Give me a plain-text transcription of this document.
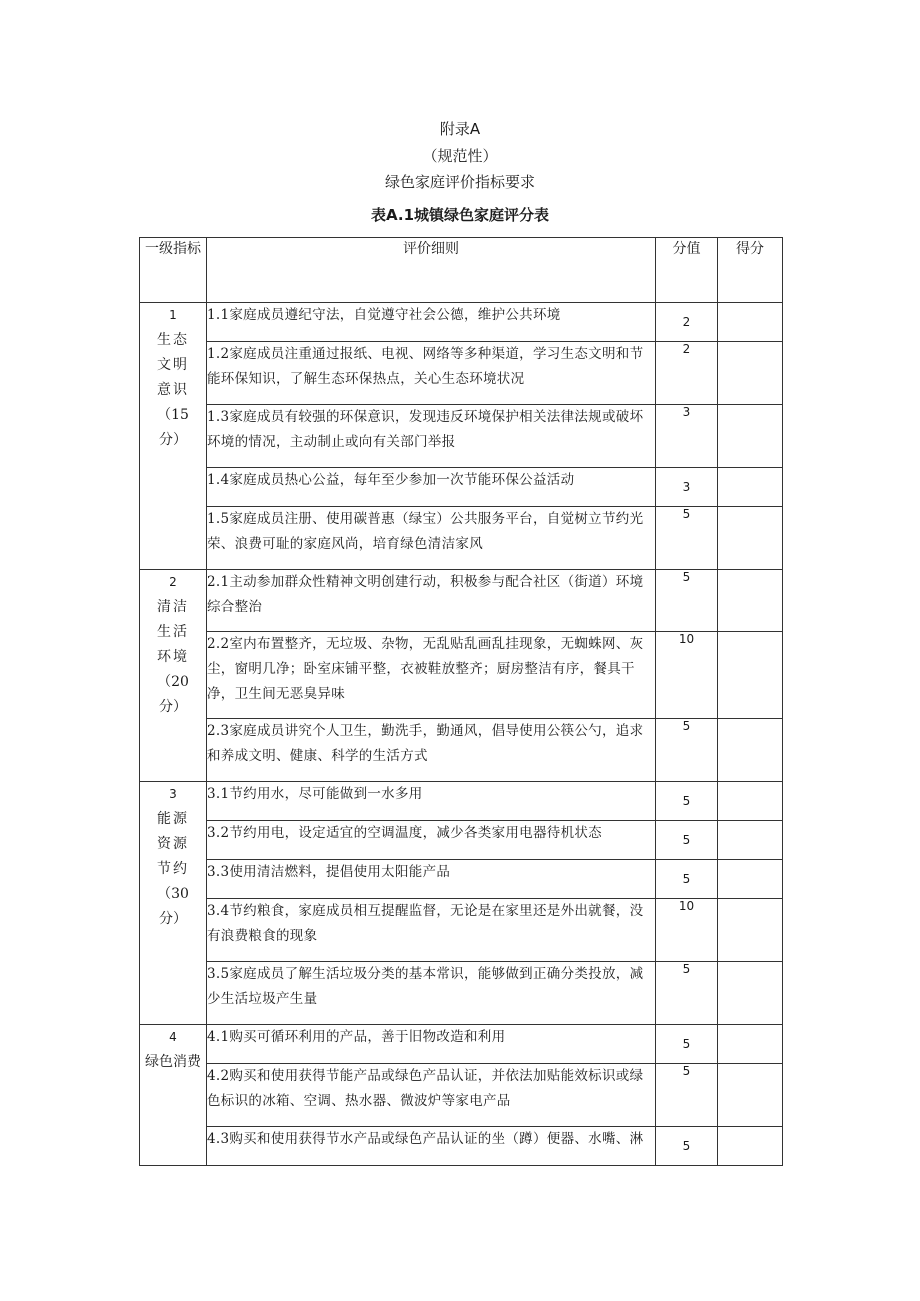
附录A
（规范性）
绿色家庭评价指标要求
表A.1城镇绿色家庭评分表
一级指标	评价细则	分值	得分

1
生态文明意识
（15分）	1.1家庭成员遵纪守法，自觉遵守社会公德，维护公共环境	2	
	1.2家庭成员注重通过报纸、电视、网络等多种渠道，学习生态文明和节能环保知识，了解生态环保热点，关心生态环境状况	2	
	1.3家庭成员有较强的环保意识，发现违反环境保护相关法律法规或破坏环境的情况，主动制止或向有关部门举报	3	
	1.4家庭成员热心公益，每年至少参加一次节能环保公益活动	3	
	1.5家庭成员注册、使用碳普惠（绿宝）公共服务平台，自觉树立节约光荣、浪费可耻的家庭风尚，培育绿色清洁家风	5	

2
清洁生活环境
（20分）	2.1主动参加群众性精神文明创建行动，积极参与配合社区（街道）环境综合整治	5	
	2.2室内布置整齐，无垃圾、杂物，无乱贴乱画乱挂现象，无蜘蛛网、灰尘，窗明几净；卧室床铺平整，衣被鞋放整齐；厨房整洁有序，餐具干净，卫生间无恶臭异味	10	
	2.3家庭成员讲究个人卫生，勤洗手，勤通风，倡导使用公筷公勺，追求和养成文明、健康、科学的生活方式	5	

3
能源资源节约
（30分）	3.1节约用水，尽可能做到一水多用	5	
	3.2节约用电，设定适宜的空调温度，减少各类家用电器待机状态	5	
	3.3使用清洁燃料，提倡使用太阳能产品	5	
	3.4节约粮食，家庭成员相互提醒监督，无论是在家里还是外出就餐，没有浪费粮食的现象	10	
	3.5家庭成员了解生活垃圾分类的基本常识，能够做到正确分类投放，减少生活垃圾产生量	5	

4
绿色消费	4.1购买可循环利用的产品，善于旧物改造和利用	5	
	4.2购买和使用获得节能产品或绿色产品认证，并依法加贴能效标识或绿色标识的冰箱、空调、热水器、微波炉等家电产品	5	
	4.3购买和使用获得节水产品或绿色产品认证的坐（蹲）便器、水嘴、淋	5	
